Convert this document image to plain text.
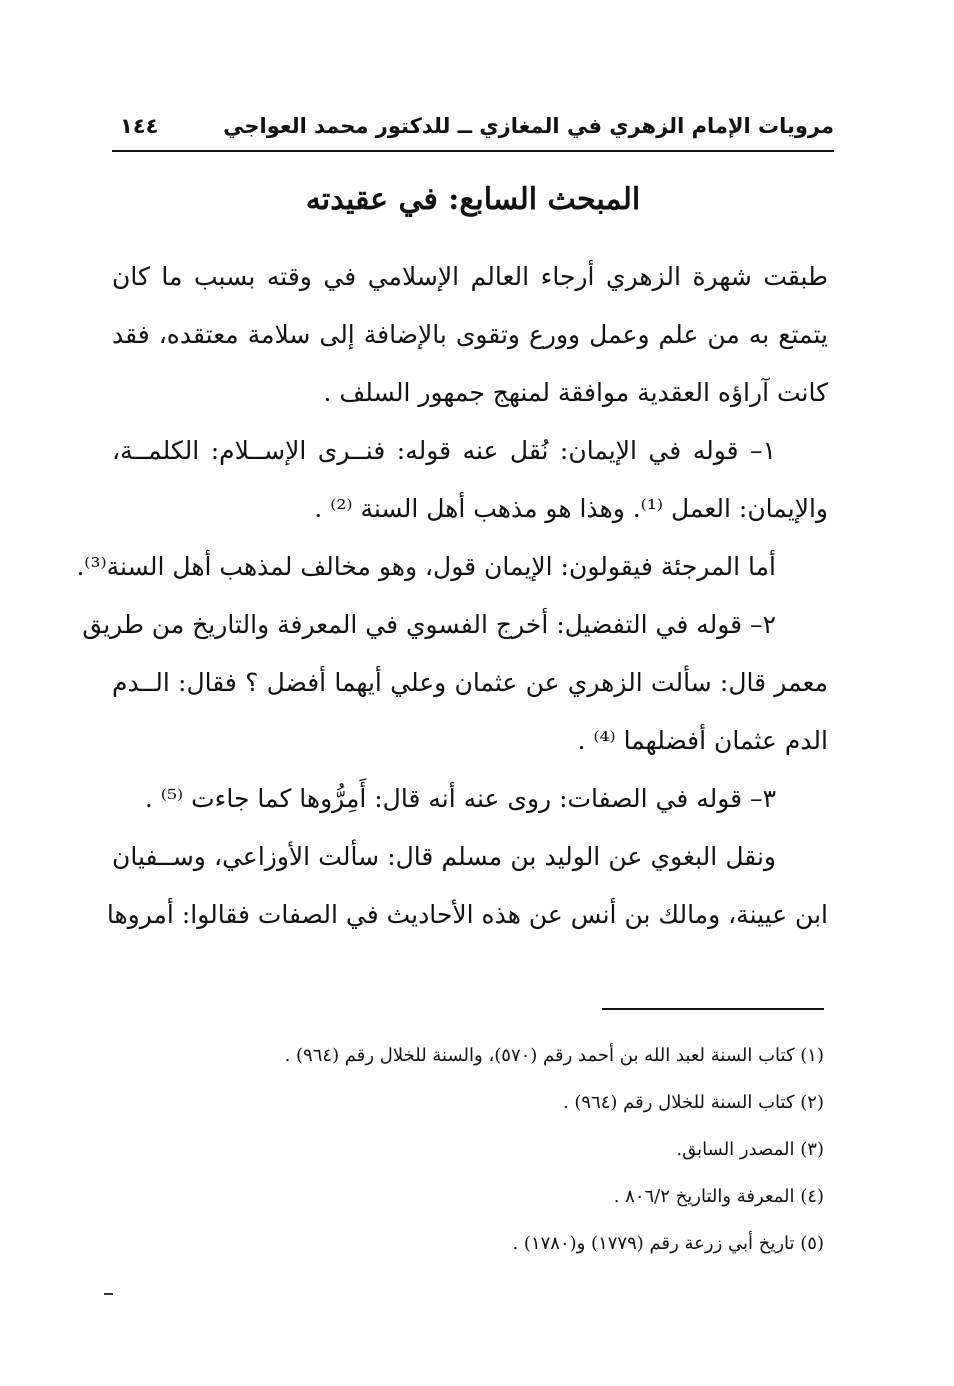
مرويات الإمام الزهري في المغازي ــ للدكتور محمد العواجي
١٤٤
المبحث السابع: في عقيدته
طبقت شهرة الزهري أرجاء العالم الإسلامي في وقته بسبب ما كان
يتمتع به من علم وعمل وورع وتقوى بالإضافة إلى سلامة معتقده، فقد
كانت آراؤه العقدية موافقة لمنهج جمهور السلف .
١– قوله في الإيمان: نُقل عنه قوله: فنــرى الإســلام: الكلمــة،
والإيمان: العمل ⁽¹⁾. وهذا هو مذهب أهل السنة ⁽²⁾ .
أما المرجئة فيقولون: الإيمان قول، وهو مخالف لمذهب أهل السنة⁽³⁾.
٢– قوله في التفضيل: أخرج الفسوي في المعرفة والتاريخ من طريق
معمر قال: سألت الزهري عن عثمان وعلي أيهما أفضل ؟ فقال: الــدم
الدم عثمان أفضلهما ⁽⁴⁾ .
٣– قوله في الصفات: روى عنه أنه قال: أَمِرُّوها كما جاءت ⁽⁵⁾ .
ونقل البغوي عن الوليد بن مسلم قال: سألت الأوزاعي، وســفيان
ابن عيينة، ومالك بن أنس عن هذه الأحاديث في الصفات فقالوا: أمروها
(١) كتاب السنة لعبد الله بن أحمد رقم (٥٧٠)، والسنة للخلال رقم (٩٦٤) .
(٢) كتاب السنة للخلال رقم (٩٦٤) .
(٣) المصدر السابق.
(٤) المعرفة والتاريخ ٨٠٦/٢ .
(٥) تاريخ أبي زرعة رقم (١٧٧٩) و(١٧٨٠) .
